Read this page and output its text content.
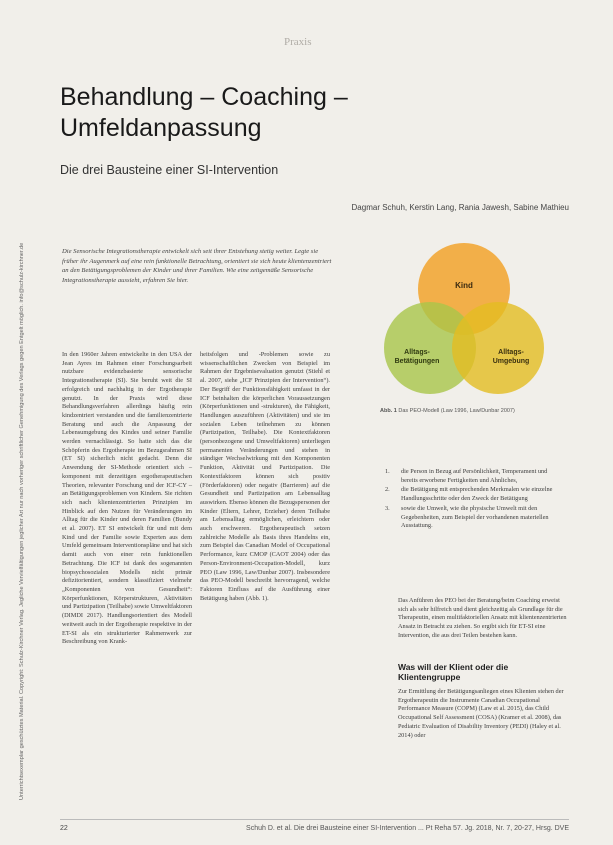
Praxis
Unterrichtsexemplar geschütztes Material. Copyright: Schulz-Kirchner Verlag. Jegliche Vervielfältigungen jeglicher Art nur nach vorheriger schriftlicher Genehmigung des Verlags gegen Entgelt möglich. info@schulz-kirchner.de
Behandlung – Coaching –
Umfeldanpassung
Die drei Bausteine einer SI-Intervention
Dagmar Schuh, Kerstin Lang, Rania Jawesh, Sabine Mathieu
Die Sensorische Integrationstherapie entwickelt sich seit ihrer Entstehung stetig weiter. Legte sie früher ihr Augenmerk auf eine rein funktionelle Betrachtung, orientiert sie sich heute klientenzentriert an den Betätigungsproblemen der Kinder und ihrer Familien. Wie eine zeitgemäße Sensorische Integrationstherapie aussieht, erfahren Sie hier.

In den 1960er Jahren entwickelte in den USA der Jean Ayres im Rahmen einer Forschungsarbeit nutzbare evidenzbasierte sensorische Integrationstherapie (SI). Sie beruht weit die SI erfolgreich und nachhaltig in der Ergotherapie genutzt. In der Praxis wird diese Behandlungsverfahren allerdings häufig rein kindzentriert verstanden und die familienzentrierte Beratung und auch die Anpassung der Lebensumgebung des Kindes und seiner Familie werden vernachlässigt. So hatte sich das die Schöpferin des Ergotherapie im Bezugsrahmen SI (ET SI) sicherlich nicht gedacht. Denn die Anwendung der SI-Methode orientiert sich – komponent mit derzeitigen ergotherapeutischen Theorien, relevanter Forschung und der ICF-CY – an Betätigungsproblemen von Kindern. Sie richten sich nach klientenzentrierten Prinzipien im Hinblick auf den Nutzen für Veränderungen im Alltag für die Kinder und deren Familien (Bundy et al. 2007). ET SI entwickelt für und mit dem Kind und der Familie sowie Experten aus dem Umfeld gemeinsam Interventionspläne und hat sich damit auch von einer rein funktionellen Betrachtung. Die ICF ist dank des sogenannten biopsychosozialen Modells nicht primär defizitorientiert, sondern klassifiziert vielmehr „Komponenten von Gesundheit“: Körperfunktionen, Körperstrukturen, Aktivitäten und Partizipation (Teilhabe) sowie Umweltfaktoren (DIMDI 2017). Handlungsorientiert des Modell weitweit auch in der Ergotherapie respektive in der ET-SI als ein strukturierter Rahmenwerk zur Beschreibung von Krank-

heitsfolgen und -Problemen sowie zu wissenschaftlichen Zwecken von Beispiel im Rahmen der Ergebnisevaluation genutzt (Stiehl et al. 2007, siehe „ICF Prinzipien der Intervention“). Der Begriff der Funktionsfähigkeit umfasst in der ICF beinhalten die körperlichen Voraussetzungen (Körperfunktionen und -strukturen), die Fähigkeit, Handlungen auszuführen (Aktivitäten) und sie im sozialen Leben teilnehmen zu können (Partizipation, Teilhabe). Die Kontextfaktoren (personbezogene und Umweltfaktoren) unterliegen permanenten Veränderungen und stehen in ständiger Wechselwirkung mit den Komponenten Funktion, Aktivität und Partizipation. Die Kontextfaktoren können sich positiv (Förderfaktoren) oder negativ (Barrieren) auf die Gesundheit und Partizipation am Lebensalltag auswirken. Ebenso können die Bezugspersonen der Kinder (Eltern, Lehrer, Erzieher) deren Teilhabe am Lebensalltag ermöglichen, erleichtern oder auch erschweren. Ergotherapeutisch setzen zahlreiche Modelle als Basis ihres Handelns ein, zum Beispiel das Canadian Model of Occupational Performance, kurz CMOP (CAOT 2004) oder das Person-Environment-Occupation-Modell, kurz PEO (Law 1996, Law/Dunbar 2007). Insbesondere das PEO-Modell beschreibt hervorragend, welche Faktoren Einfluss auf die Ausführung einer Betätigung haben (Abb. 1).

Kind
Alltags-
Betätigungen
Alltags-
Umgebung
Abb. 1 Das PEO-Modell (Law 1996, Law/Dunbar 2007)
1. die Person in Bezug auf Persönlichkeit, Temperament und bereits erworbene Fertigkeiten und Ahnliches,
2. die Betätigung mit entsprechenden Merkmalen wie einzelne Handlungsschritte oder den Zweck der Betätigung
3. sowie die Umwelt, wie die physische Umwelt mit den Gegebenheiten, zum Beispiel der vorhandenen materiellen Ausstattung.

Das Anführen des PEO bei der Beratung/beim Coaching erweist sich als sehr hilfreich und dient gleichzeitig als Grundlage für die Therapeutin, einen multifaktoriellen Ansatz mit klientenzentrierten Ansatz in Betracht zu ziehen. So ergibt sich für ET-SI eine Intervention, die aus drei Teilen bestehen kann.

Was will der Klient oder die Klientengruppe

Zur Ermittlung der Betätigungsanliegen eines Klienten stehen der Ergotherapeutin die Instrumente Canadian Occupational Performance Measure (COPM) (Law et al. 2015), das Child Occupational Self Assessment (COSA) (Kramer et al. 2008), das Pediatric Evaluation of Disability Inventory (PEDI) (Haley et al. 2014) oder

22	Schuh D. et al. Die drei Bausteine einer SI-Intervention ... Pt Reha 57. Jg. 2018, Nr. 7, 20-27, Hrsg. DVE
